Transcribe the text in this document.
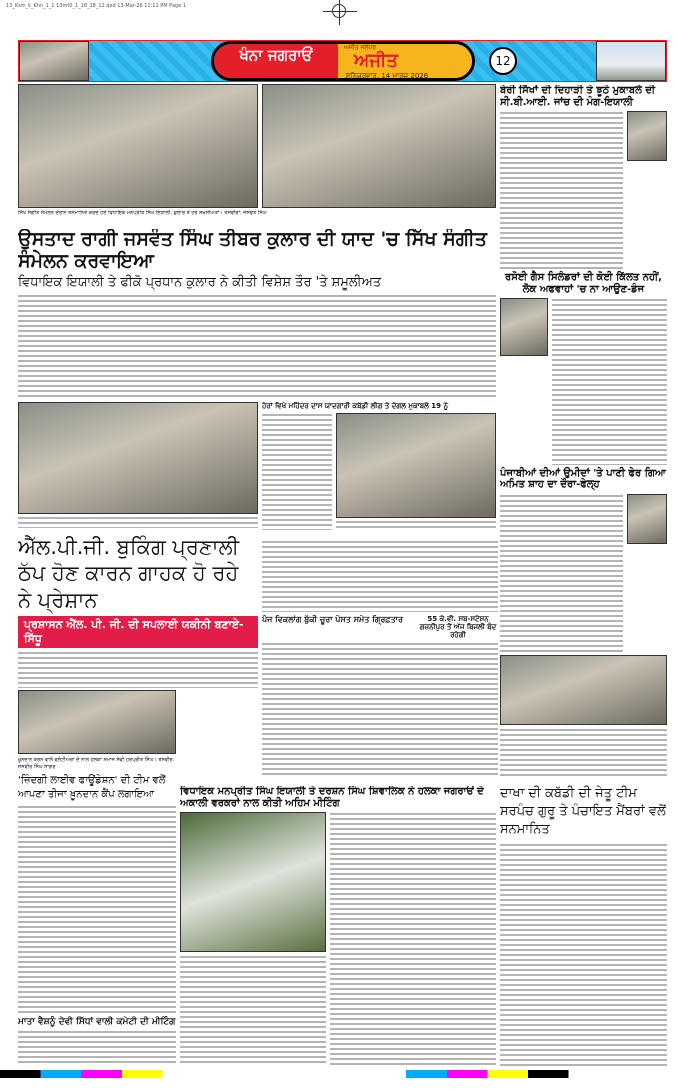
13_Ksm_k_Khn_1_1 13mt0_1_18_18_12.qxd 13-Mar-26 11:11 PM Page 1
ਖੰਨਾ ਜਗਰਾਓਂ	ਅਜੀਤ ਜਲੰਧਰ
ਅਜੀਤ
ਸ਼ਨਿਚਰਵਾਰ, 14 ਮਾਰਚ 2026
12
ਸਿੱਖ ਸੰਗੀਤ ਸੰਮੇਲਨ ਦੌਰਾਨ ਸਨਮਾਨਿਤ ਕਰਦੇ ਹੋਏ ਵਿਧਾਇਕ ਮਨਪ੍ਰੀਤ ਸਿੰਘ ਇਯਾਲੀ, ਕੁਲਾਰ ਤੇ ਹੋਰ ਸ਼ਖ਼ਸੀਅਤਾਂ। ਤਸਵੀਰਾਂ: ਜਸਵੰਤ ਸਿੰਘ
ਉਸਤਾਦ ਰਾਗੀ ਜਸਵੰਤ ਸਿੰਘ ਤੀਬਰ ਕੁਲਾਰ ਦੀ ਯਾਦ 'ਚ ਸਿੱਖ ਸੰਗੀਤ ਸੰਮੇਲਨ ਕਰਵਾਇਆ
ਵਿਧਾਇਕ ਇਯਾਲੀ ਤੇ ਫੀਕੋ ਪ੍ਰਧਾਨ ਕੁਲਾਰ ਨੇ ਕੀਤੀ ਵਿਸ਼ੇਸ਼ ਤੌਰ 'ਤੇ ਸ਼ਮੂਲੀਅਤ
ਬੇਰੀ ਸਿੱਖਾਂ ਦੀ ਦਿਹਾੜੀ ਤੇ ਝੂਠੇ ਮੁਕਾਬਲੇ ਦੀ ਸੀ.ਬੀ.ਆਈ. ਜਾਂਚ ਦੀ ਮੰਗ-ਇਯਾਲੀ
ਰਸੋਈ ਗੈਸ ਸਿਲੰਡਰਾਂ ਦੀ ਕੋਈ ਕਿੱਲਤ ਨਹੀਂ, ਲੋਕ ਅਫਵਾਹਾਂ 'ਚ ਨਾ ਆਉਣ-ਡੰਜ
ਪੰਜਾਬੀਆਂ ਦੀਆਂ ਉਮੀਦਾਂ 'ਤੇ ਪਾਣੀ ਫੇਰ ਗਿਆ ਅਮਿਤ ਸ਼ਾਹ ਦਾ ਦੌਰਾ-ਫੇਲ੍ਹ
ਦਾਖਾ ਦੀ ਕਬੱਡੀ ਦੀ ਜੇਤੂ ਟੀਮ ਸਰਪੰਚ ਗੁਰੂ ਤੇ ਪੰਚਾਇਤ ਮੈਂਬਰਾਂ ਵਲੋਂ ਸਨਮਾਨਿਤ
ਹੇਰਾਂ ਵਿਖੇ ਮਹਿੰਦਰ ਦਾਸ ਯਾਦਗਾਰੀ ਕਬੱਡੀ ਲੀਗ ਤੇ ਦੰਗਲ ਮੁਕਾਬਲੇ 19 ਨੂੰ
ਐੱਲ.ਪੀ.ਜੀ. ਬੁਕਿੰਗ ਪ੍ਰਣਾਲੀ ਠੱਪ ਹੋਣ ਕਾਰਨ ਗਾਹਕ ਹੋ ਰਹੇ ਨੇ ਪ੍ਰੇਸ਼ਾਨ
ਪ੍ਰਸ਼ਾਸਨ ਐੱਲ. ਪੀ. ਜੀ. ਦੀ ਸਪਲਾਈ ਯਕੀਨੀ ਬਣਾਏ-ਸਿੱਧੂ
ਪੰਜ ਵਿਕਲਾਂਗ ਬੁੱਕੀ ਚੂਰਾ ਪੋਸਤ ਸਮੇਤ ਗ੍ਰਿਫ਼ਤਾਰ	55 ਕੇ.ਵੀ. ਸਬ-ਸਟੇਸ਼ਨ ਗਜ਼ਨੀਪੁਰ ਤੋਂ ਅੱਜ ਬਿਜਲੀ ਬੰਦ ਰਹੇਗੀ
ਖ਼ੂਨਦਾਨ ਕਰਨ ਵਾਲੇ ਵਲੰਟੀਅਰਾਂ ਦੇ ਨਾਲ ਹਲਕਾ ਸਮਾਜ ਸੇਵੀ ਹਰਪ੍ਰੀਤ ਸਿੰਘ। ਤਸਵੀਰ: ਜਸਵੀਰ ਸਿੰਘ ਸਾਗਰ
'ਜ਼ਿੰਦਗੀ ਲਾਈਵ ਫਾਊਂਡੇਸ਼ਨ' ਦੀ ਟੀਮ ਵਲੋਂ ਆਪਣਾ ਤੀਜਾ ਖ਼ੂਨਦਾਨ ਕੈਂਪ ਲਗਾਇਆ
ਮਾਤਾ ਵੈਸ਼ਨੂੰ ਦੇਵੀ ਸਿੱਧਾਂ ਵਾਲੀ ਕਮੇਟੀ ਦੀ ਮੀਟਿੰਗ
ਵਿਧਾਇਕ ਮਨਪ੍ਰੀਤ ਸਿੰਘ ਇਯਾਲੀ ਤੇ ਦਰਸ਼ਨ ਸਿੰਘ ਸ਼ਿਵਾਲਿਕ ਨੇ ਹਲਕਾ ਜਗਰਾਓਂ ਦੇ ਅਕਾਲੀ ਵਰਕਰਾਂ ਨਾਲ ਕੀਤੀ ਅਹਿਮ ਮੀਟਿੰਗ
